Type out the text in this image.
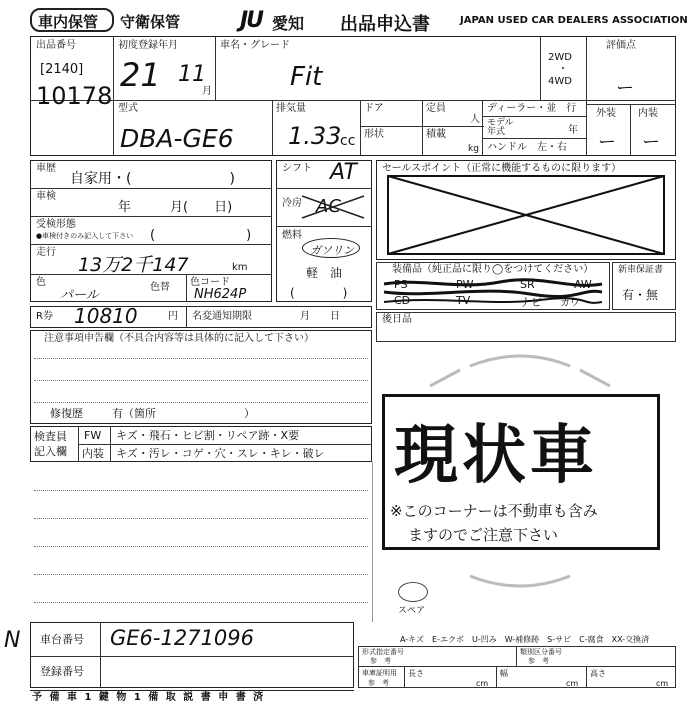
車内保管 守衛保管	JU 愛知 出品申込書	JAPAN USED CAR DEALERS ASSOCIATION
出品番号
[2140]
10178
初度登録年月
21 11
月
車名・グレード
Fit
2WD
・
4WD
評価点
ー
外装 内装
ー ー
型式
DBA-GE6
排気量
1.33
cc
ドア	定員
人
形状	積載
kg
ディーラー・並　行
モデル
年式	年
ハンドル　左・右
車歴
自家用・(　　　　　　　)
車検
年　　　月(　　日)
受検形態
●車検付きのみ記入して下さい (　　　　　　　)
走行
13万2千147	km
色
パール
色替 色コード
NH624P
シフト AT
冷房 AC
燃料
ガソリン
軽　油
(　　　　)
セールスポイント（正常に機能するものに限ります）
装備品（純正品に限り◯をつけてください）
PS	PW	SR	AW
CD	TV	ナビ カワ
新車保証書
有・無
R券 10810	円 名変通知期限	月　　日	後日品
注意事項申告欄（不具合内容等は具体的に記入して下さい）
修復歴	有（箇所　　　　　　　　）
検査員
記入欄
FW キズ・飛石・ヒビ割・リペア跡・X要
内装 キズ・汚レ・コゲ・穴・スレ・キレ・破レ 現状車
※このコーナーは不動車も含み
ますのでご注意下さい
スペア
A-キズ　E-エクボ　U-凹み　W-補修跡　S-サビ　C-腐食　XX-交換済
N 車台番号 GE6-1271096
登録番号
形式指定番号
参　考
類別区分番号
参　考
車庫証明用
参　考
長さ
cm
幅
cm
高さ
cm
予 備 車 1 鍵 物 1 備 取 説 書 申 書 済
